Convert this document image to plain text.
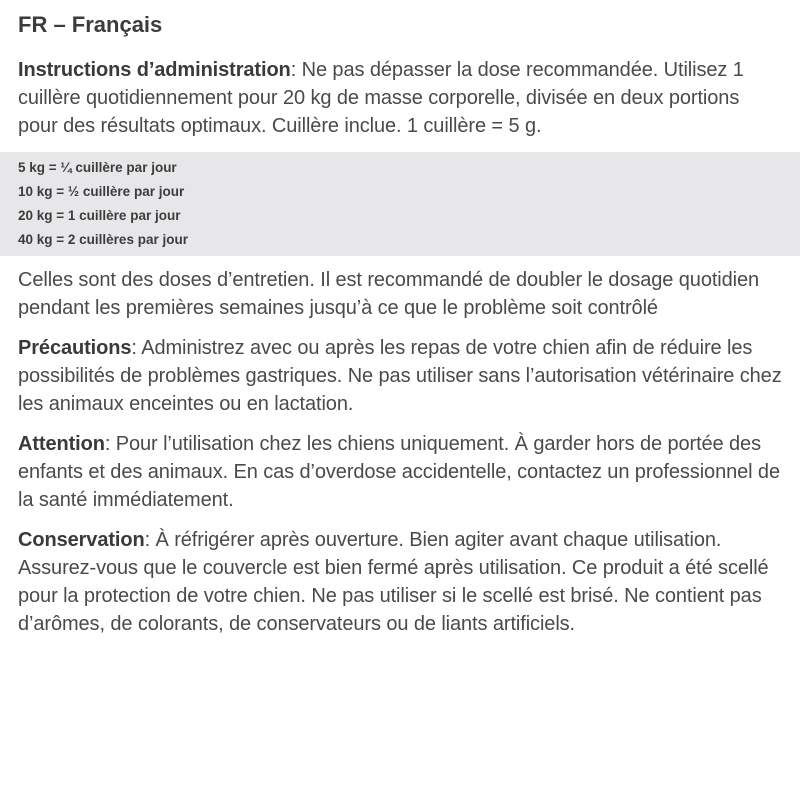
FR – Français

Instructions d’administration: Ne pas dépasser la dose recommandée. Utilisez 1 cuillère quotidiennement pour 20 kg de masse corporelle, divisée en deux portions pour des résultats optimaux. Cuillère inclue. 1 cuillère = 5 g.

5 kg = ¼ cuillère par jour
10 kg = ½ cuillère par jour
20 kg = 1 cuillère par jour
40 kg = 2 cuillères par jour

Celles sont des doses d’entretien. Il est recommandé de doubler le dosage quotidien pendant les premières semaines jusqu’à ce que le problème soit contrôlé

Précautions: Administrez avec ou après les repas de votre chien afin de réduire les possibilités de problèmes gastriques. Ne pas utiliser sans l’autorisation vétérinaire chez les animaux enceintes ou en lactation.

Attention: Pour l’utilisation chez les chiens uniquement. À garder hors de portée des enfants et des animaux. En cas d’overdose accidentelle, contactez un professionnel de la santé immédiatement.

Conservation: À réfrigérer après ouverture. Bien agiter avant chaque utilisation. Assurez-vous que le couvercle est bien fermé après utilisation. Ce produit a été scellé pour la protection de votre chien. Ne pas utiliser si le scellé est brisé. Ne contient pas d’arômes, de colorants, de conservateurs ou de liants artificiels.
